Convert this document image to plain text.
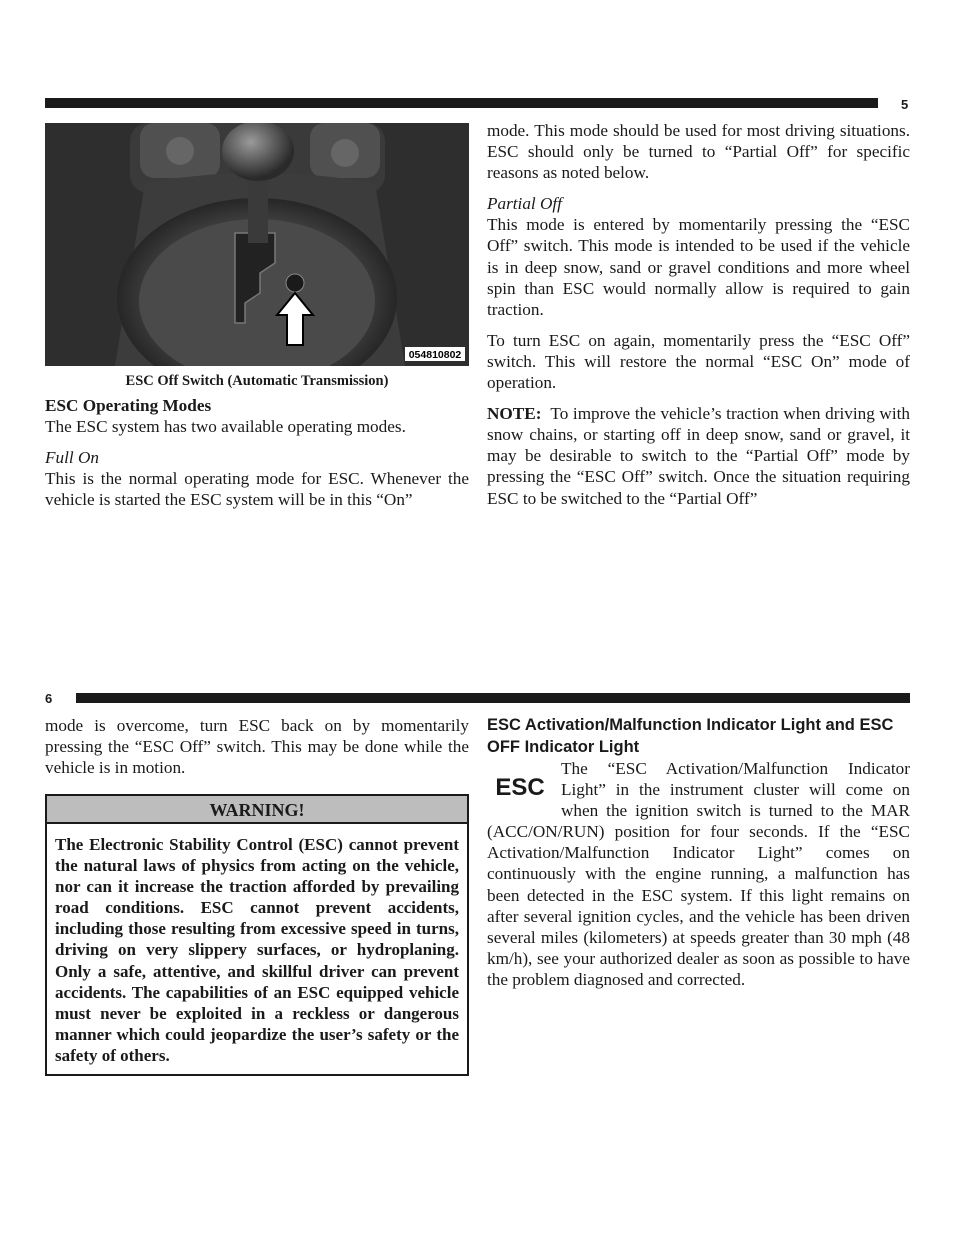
5
054810802
ESC Off Switch (Automatic Transmission)
ESC Operating Modes

The ESC system has two available operating modes.

Full On

This is the normal operating mode for ESC. Whenever the vehicle is started the ESC system will be in this “On”

mode. This mode should be used for most driving situations. ESC should only be turned to “Partial Off” for specific reasons as noted below.

Partial Off

This mode is entered by momentarily pressing the “ESC Off” switch. This mode is intended to be used if the vehicle is in deep snow, sand or gravel conditions and more wheel spin than ESC would normally allow is required to gain traction.

To turn ESC on again, momentarily press the “ESC Off” switch. This will restore the normal “ESC On” mode of operation.

NOTE: To improve the vehicle’s traction when driving with snow chains, or starting off in deep snow, sand or gravel, it may be desirable to switch to the “Partial Off” mode by pressing the “ESC Off” switch. Once the situation requiring ESC to be switched to the “Partial Off”

6

mode is overcome, turn ESC back on by momentarily pressing the “ESC Off” switch. This may be done while the vehicle is in motion.

WARNING!
The Electronic Stability Control (ESC) cannot prevent the natural laws of physics from acting on the vehicle, nor can it increase the traction afforded by prevailing road conditions. ESC cannot prevent accidents, including those resulting from excessive speed in turns, driving on very slippery surfaces, or hydroplaning. Only a safe, attentive, and skillful driver can prevent accidents. The capabilities of an ESC equipped vehicle must never be exploited in a reckless or dangerous manner which could jeopardize the user’s safety or the safety of others.
ESC Activation/Malfunction Indicator Light and ESC OFF Indicator Light
ESC

The “ESC Activation/Malfunction Indicator Light” in the instrument cluster will come on when the ignition switch is turned to the MAR (ACC/ON/RUN) position for four seconds. If the “ESC Activation/Malfunction Indicator Light” comes on continuously with the engine running, a malfunction has been detected in the ESC system. If this light remains on after several ignition cycles, and the vehicle has been driven several miles (kilometers) at speeds greater than 30 mph (48 km/h), see your authorized dealer as soon as possible to have the problem diagnosed and corrected.
